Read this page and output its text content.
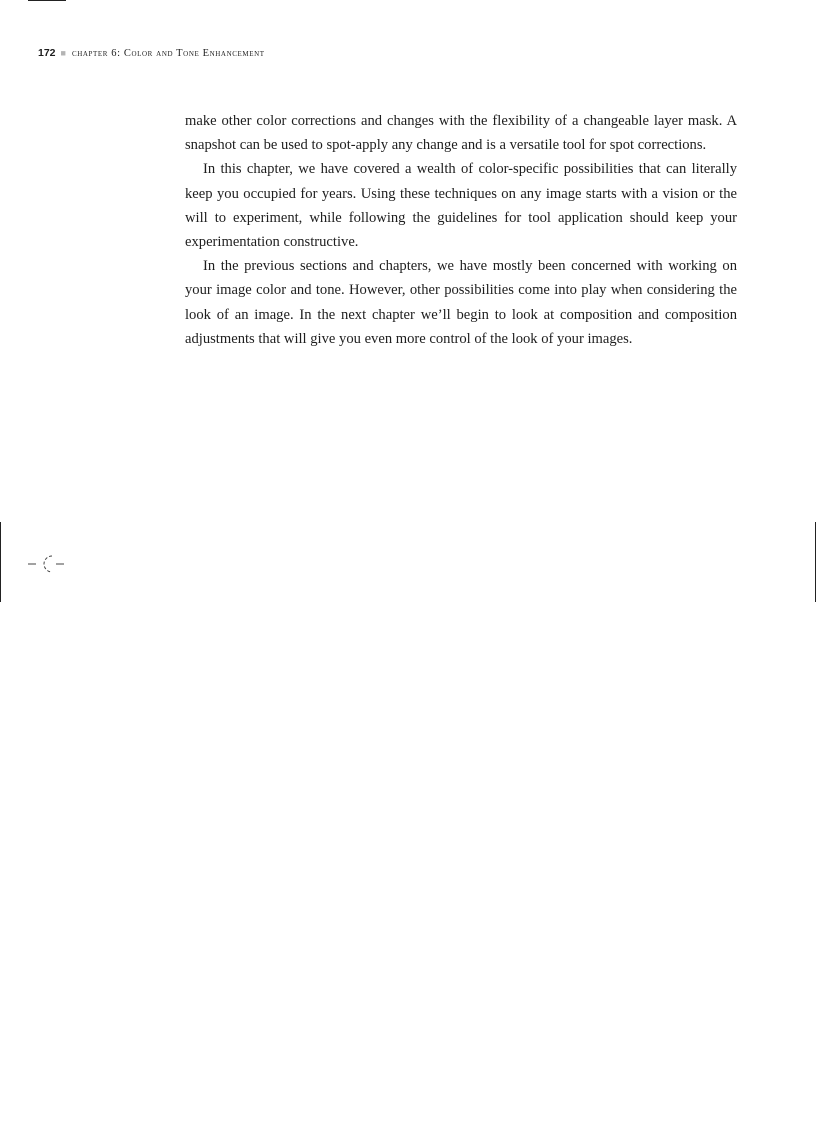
172 ■ chapter 6: Color and Tone Enhancement

make other color corrections and changes with the flexibility of a changeable layer mask. A snapshot can be used to spot-apply any change and is a versatile tool for spot corrections.

In this chapter, we have covered a wealth of color-specific possibilities that can literally keep you occupied for years. Using these techniques on any image starts with a vision or the will to experiment, while following the guidelines for tool application should keep your experimentation constructive.

In the previous sections and chapters, we have mostly been concerned with working on your image color and tone. However, other possibilities come into play when considering the look of an image. In the next chapter we’ll begin to look at composition and composition adjustments that will give you even more control of the look of your images.
